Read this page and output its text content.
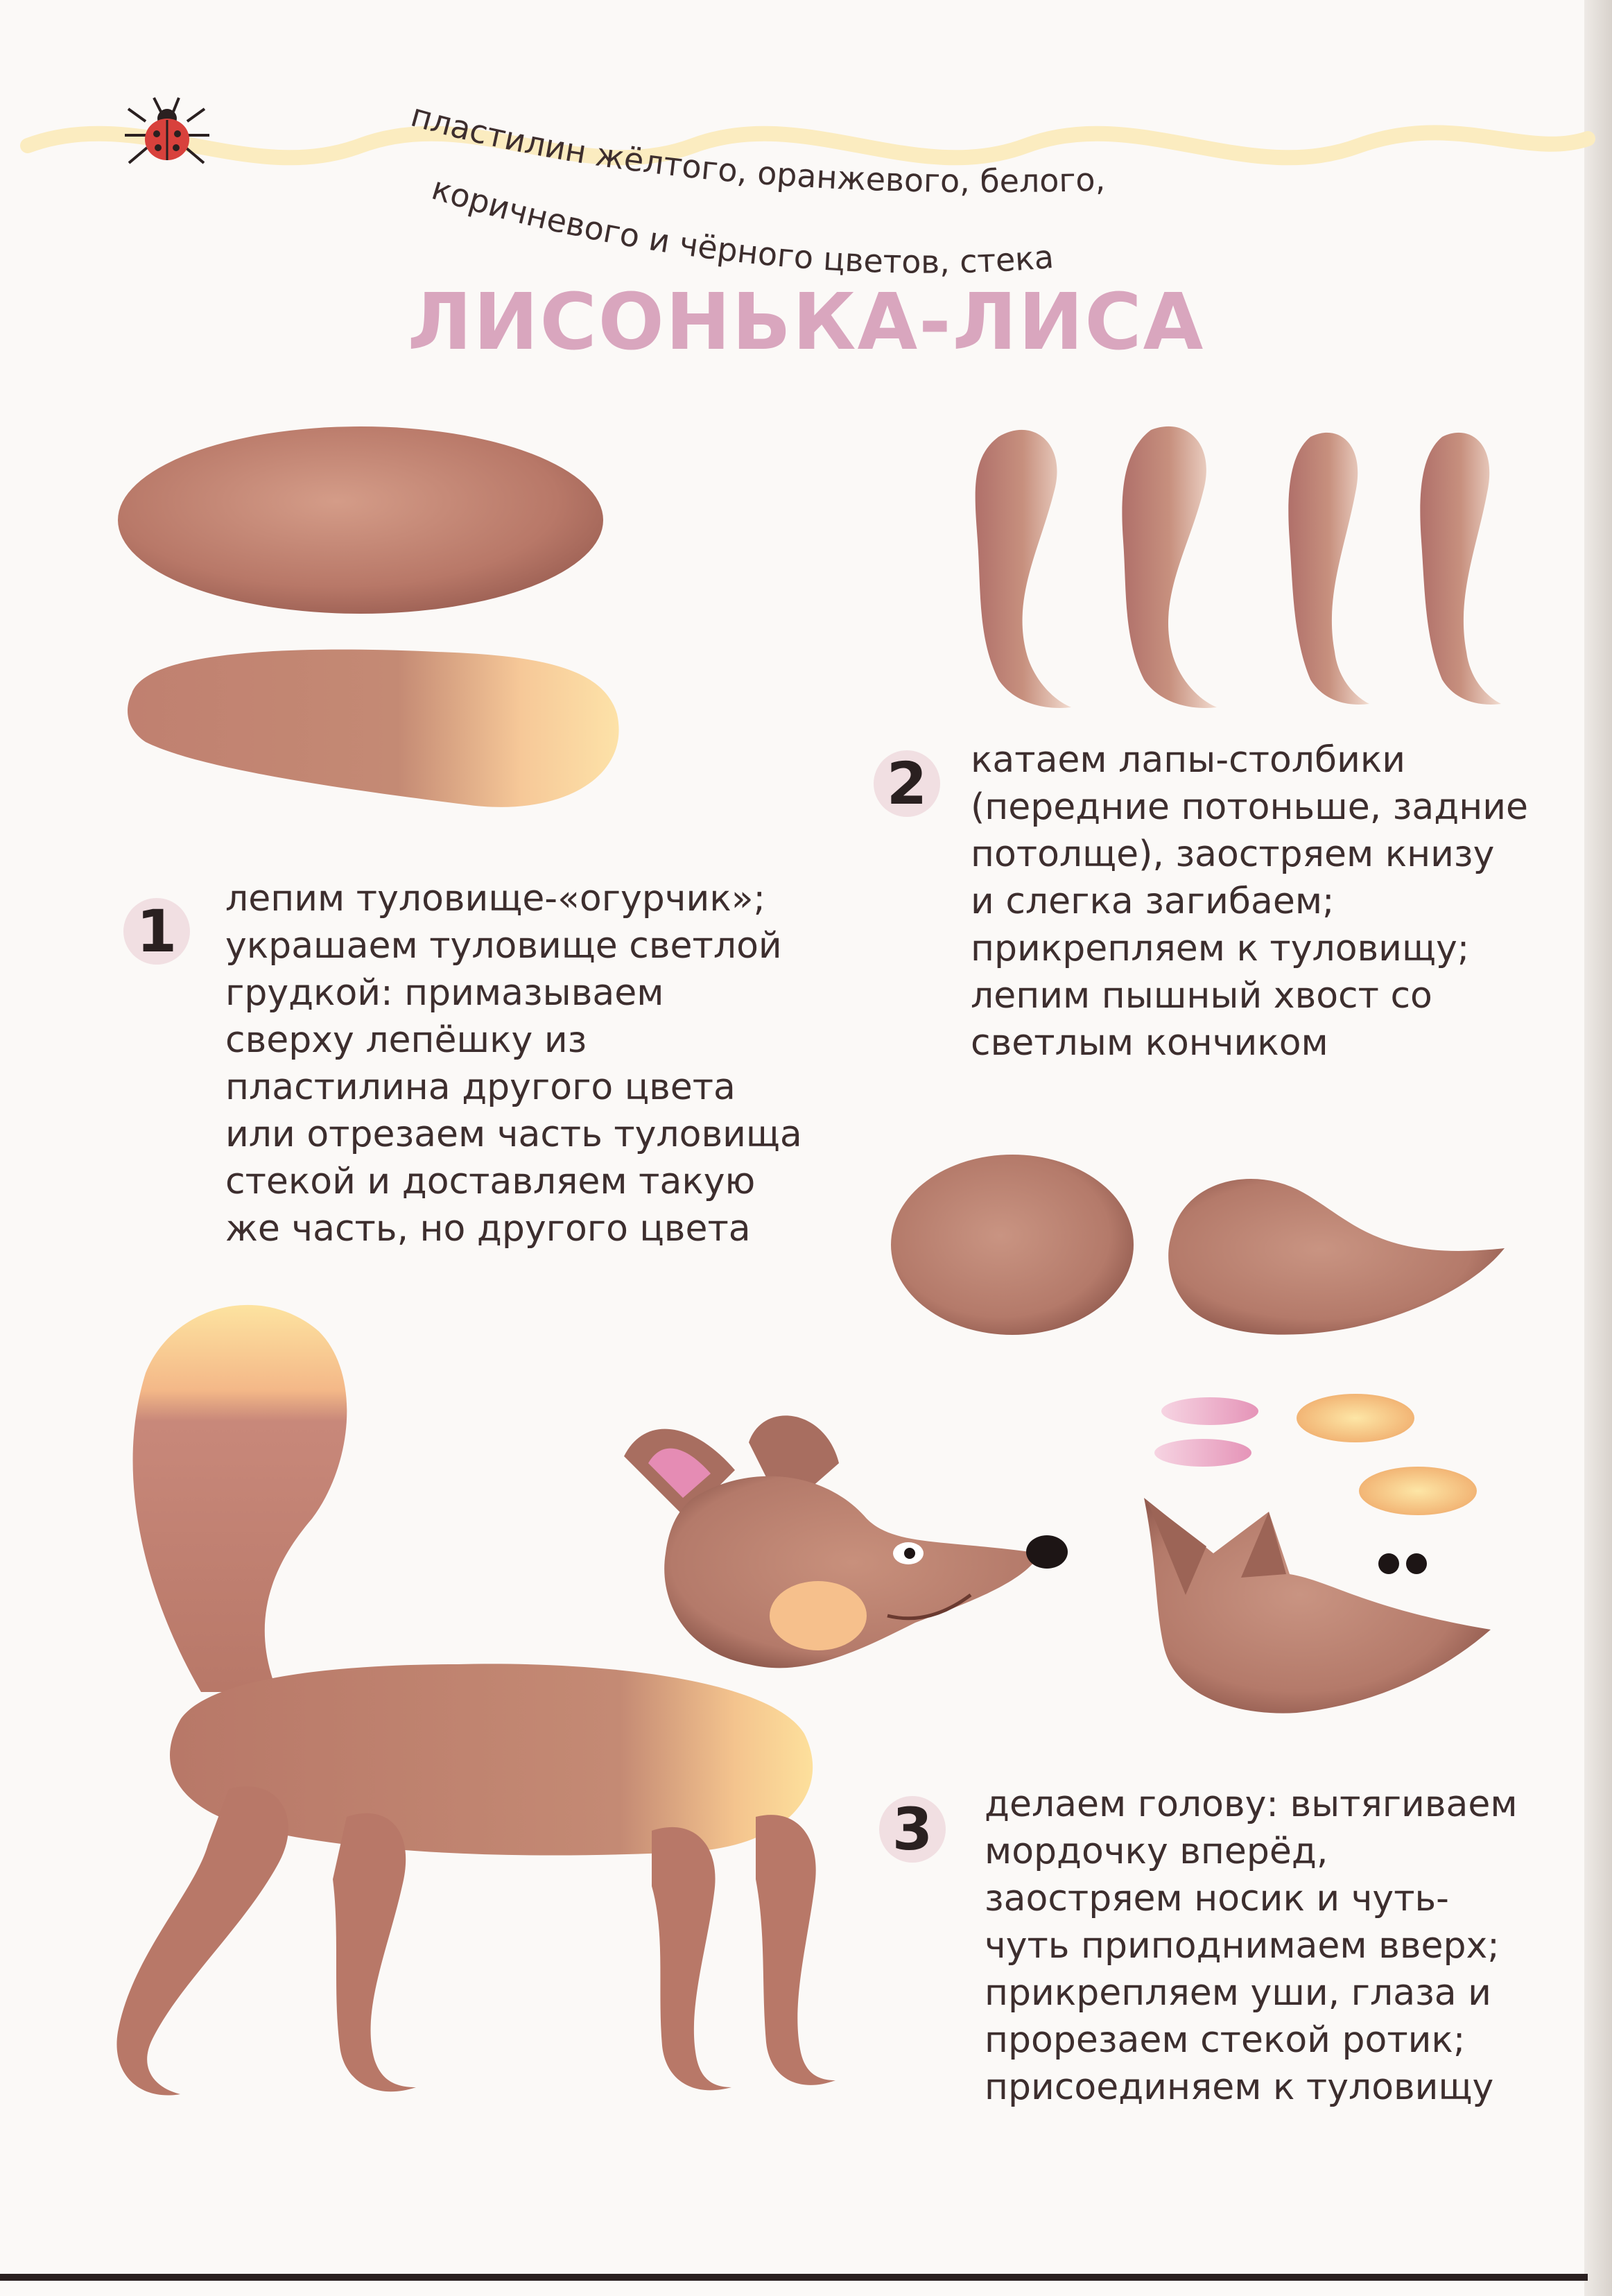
пластилин жёлтого, оранжевого, белого,
коричневого и чёрного цветов, стека
ЛИСОНЬКА-ЛИСА
1	лепим туловище-«огурчик»;
украшаем туловище светлой
грудкой: примазываем
сверху лепёшку из
пластилина другого цвета
или отрезаем часть туловища
стекой и доставляем такую
же часть, но другого цвета
2	катаем лапы-столбики
(передние потоньше, задние
потолще), заостряем книзу
и слегка загибаем;
прикрепляем к туловищу;
лепим пышный хвост со
светлым кончиком
3	делаем голову: вытягиваем
мордочку вперёд,
заостряем носик и чуть-
чуть приподнимаем вверх;
прикрепляем уши, глаза и
прорезаем стекой ротик;
присоединяем к туловищу
